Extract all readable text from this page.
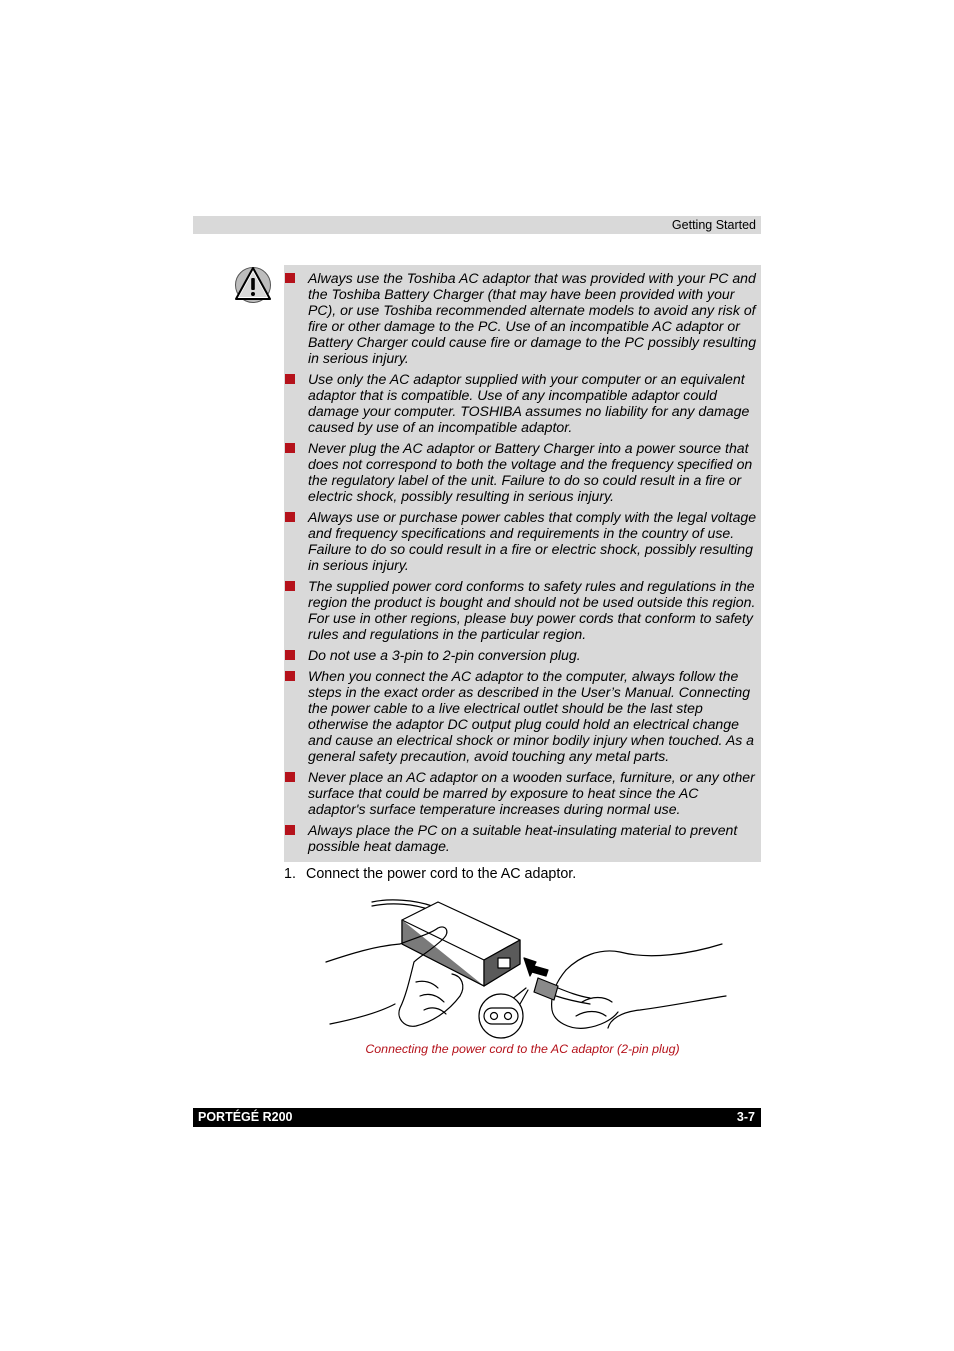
Getting Started
Always use the Toshiba AC adaptor that was provided with your PC and the Toshiba Battery Charger (that may have been provided with your PC), or use Toshiba recommended alternate models to avoid any risk of fire or other damage to the PC. Use of an incompatible AC adaptor or Battery Charger could cause fire or damage to the PC possibly resulting in serious injury.
Use only the AC adaptor supplied with your computer or an equivalent adaptor that is compatible. Use of any incompatible adaptor could damage your computer. TOSHIBA assumes no liability for any damage caused by use of an incompatible adaptor.
Never plug the AC adaptor or Battery Charger into a power source that does not correspond to both the voltage and the frequency specified on the regulatory label of the unit. Failure to do so could result in a fire or electric shock, possibly resulting in serious injury.
Always use or purchase power cables that comply with the legal voltage and frequency specifications and requirements in the country of use. Failure to do so could result in a fire or electric shock, possibly resulting in serious injury.
The supplied power cord conforms to safety rules and regulations in the region the product is bought and should not be used outside this region. For use in other regions, please buy power cords that conform to safety rules and regulations in the particular region.
Do not use a 3-pin to 2-pin conversion plug.
When you connect the AC adaptor to the computer, always follow the steps in the exact order as described in the User’s Manual. Connecting the power cable to a live electrical outlet should be the last step otherwise the adaptor DC output plug could hold an electrical change and cause an electrical shock or minor bodily injury when touched. As a general safety precaution, avoid touching any metal parts.
Never place an AC adaptor on a wooden surface, furniture, or any other surface that could be marred by exposure to heat since the AC adaptor's surface temperature increases during normal use.
Always place the PC on a suitable heat-insulating material to prevent possible heat damage.
1. Connect the power cord to the AC adaptor.
Connecting the power cord to the AC adaptor (2-pin plug)
PORTÉGÉ R200	3-7
